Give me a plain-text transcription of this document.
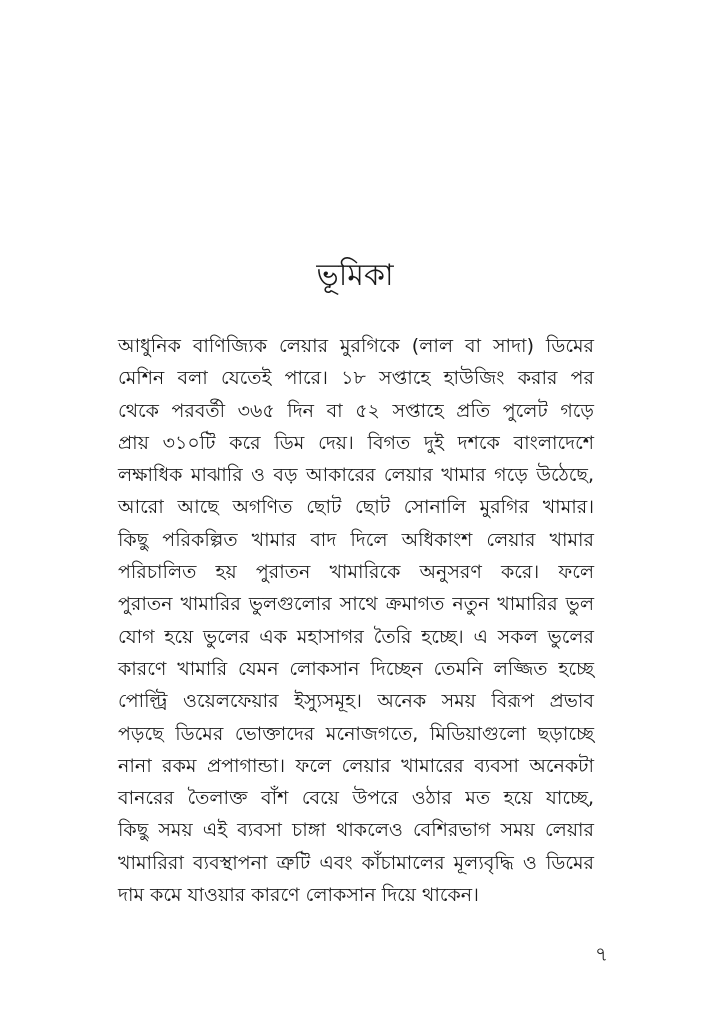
ভূমিকা

আধুনিক বাণিজ্যিক লেয়ার মুরগিকে (লাল বা সাদা) ডিমের
মেশিন বলা যেতেই পারে। ১৮ সপ্তাহে হাউজিং করার পর
থেকে পরবর্তী ৩৬৫ দিন বা ৫২ সপ্তাহে প্রতি পুলেট গড়ে
প্রায় ৩১০টি করে ডিম দেয়। বিগত দুই দশকে বাংলাদেশে
লক্ষাধিক মাঝারি ও বড় আকারের লেয়ার খামার গড়ে উঠেছে,
আরো আছে অগণিত ছোট ছোট সোনালি মুরগির খামার।
কিছু পরিকল্পিত খামার বাদ দিলে অধিকাংশ লেয়ার খামার
পরিচালিত হয় পুরাতন খামারিকে অনুসরণ করে। ফলে
পুরাতন খামারির ভুলগুলোর সাথে ক্রমাগত নতুন খামারির ভুল
যোগ হয়ে ভুলের এক মহাসাগর তৈরি হচ্ছে। এ সকল ভুলের
কারণে খামারি যেমন লোকসান দিচ্ছেন তেমনি লজ্জিত হচ্ছে
পোল্ট্রি ওয়েলফেয়ার ইস্যুসমূহ। অনেক সময় বিরূপ প্রভাব
পড়ছে ডিমের ভোক্তাদের মনোজগতে, মিডিয়াগুলো ছড়াচ্ছে
নানা রকম প্রপাগান্ডা। ফলে লেয়ার খামারের ব্যবসা অনেকটা
বানরের তৈলাক্ত বাঁশ বেয়ে উপরে ওঠার মত হয়ে যাচ্ছে,
কিছু সময় এই ব্যবসা চাঙ্গা থাকলেও বেশিরভাগ সময় লেয়ার
খামারিরা ব্যবস্থাপনা ত্রুটি এবং কাঁচামালের মূল্যবৃদ্ধি ও ডিমের
দাম কমে যাওয়ার কারণে লোকসান দিয়ে থাকেন।

৭
